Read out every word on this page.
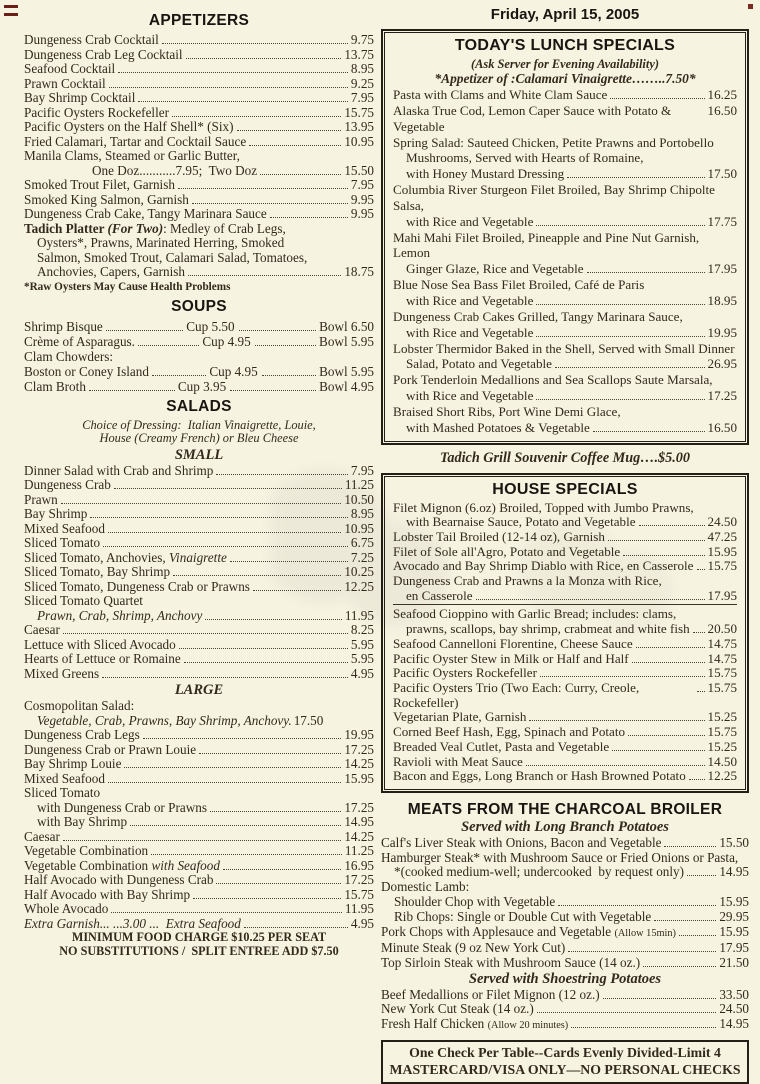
APPETIZERS
Dungeness Crab Cocktail	9.75
Dungeness Crab Leg Cocktail	13.75
Seafood Cocktail	8.95
Prawn Cocktail	9.25
Bay Shrimp Cocktail	7.95
Pacific Oysters Rockefeller	15.75
Pacific Oysters on the Half Shell* (Six)	13.95
Fried Calamari, Tartar and Cocktail Sauce	10.95
Manila Clams, Steamed or Garlic Butter,
One Doz...........7.95;  Two Doz	15.50
Smoked Trout Filet, Garnish	7.95
Smoked King Salmon, Garnish	9.95
Dungeness Crab Cake, Tangy Marinara Sauce	9.95
Tadich Platter (For Two): Medley of Crab Legs,
Oysters*, Prawns, Marinated Herring, Smoked
Salmon, Smoked Trout, Calamari Salad, Tomatoes,
Anchovies, Capers, Garnish	18.75
*Raw Oysters May Cause Health Problems
SOUPS
Shrimp Bisque	Cup 5.50	Bowl 6.50
Crème of Asparagus.	Cup 4.95	Bowl 5.95
Clam Chowders:
Boston or Coney Island	Cup 4.95	Bowl 5.95
Clam Broth	Cup 3.95	Bowl 4.95
SALADS
Choice of Dressing:  Italian Vinaigrette, Louie,
House (Creamy French) or Bleu Cheese
SMALL
Dinner Salad with Crab and Shrimp	7.95
Dungeness Crab	11.25
Prawn	10.50
Bay Shrimp	8.95
Mixed Seafood	10.95
Sliced Tomato	6.75
Sliced Tomato, Anchovies, Vinaigrette	7.25
Sliced Tomato, Bay Shrimp	10.25
Sliced Tomato, Dungeness Crab or Prawns	12.25
Sliced Tomato Quartet
Prawn, Crab, Shrimp, Anchovy	11.95
Caesar	8.25
Lettuce with Sliced Avocado	5.95
Hearts of Lettuce or Romaine	5.95
Mixed Greens	4.95
LARGE
Cosmopolitan Salad:
Vegetable, Crab, Prawns, Bay Shrimp, Anchovy. 17.50
Dungeness Crab Legs	19.95
Dungeness Crab or Prawn Louie	17.25
Bay Shrimp Louie	14.25
Mixed Seafood	15.95
Sliced Tomato
with Dungeness Crab or Prawns	17.25
with Bay Shrimp	14.95
Caesar	14.25
Vegetable Combination	11.25
Vegetable Combination with Seafood	16.95
Half Avocado with Dungeness Crab	17.25
Half Avocado with Bay Shrimp	15.75
Whole Avocado	11.95
Extra Garnish... ...3.00 ...  Extra Seafood	4.95
MINIMUM FOOD CHARGE $10.25 PER SEAT
NO SUBSTITUTIONS /  SPLIT ENTREE ADD $7.50
Friday, April 15, 2005
TODAY'S LUNCH SPECIALS
(Ask Server for Evening Availability)
*Appetizer of :Calamari Vinaigrette……..7.50*
Pasta with Clams and White Clam Sauce	16.25
Alaska True Cod, Lemon Caper Sauce with Potato & Vegetable
16.50
Spring Salad: Sauteed Chicken, Petite Prawns and Portobello
Mushrooms, Served with Hearts of Romaine,
with Honey Mustard Dressing	17.50
Columbia River Sturgeon Filet Broiled, Bay Shrimp Chipolte Salsa,
with Rice and Vegetable	17.75
Mahi Mahi Filet Broiled, Pineapple and Pine Nut Garnish, Lemon
Ginger Glaze, Rice and Vegetable	17.95
Blue Nose Sea Bass Filet Broiled, Café de Paris
with Rice and Vegetable	18.95
Dungeness Crab Cakes Grilled, Tangy Marinara Sauce,
with Rice and Vegetable	19.95
Lobster Thermidor Baked in the Shell, Served with Small Dinner
Salad, Potato and Vegetable	26.95
Pork Tenderloin Medallions and Sea Scallops Saute Marsala,
with Rice and Vegetable	17.25
Braised Short Ribs, Port Wine Demi Glace,
with Mashed Potatoes & Vegetable	16.50
Tadich Grill Souvenir Coffee Mug….$5.00
HOUSE SPECIALS
Filet Mignon (6.oz) Broiled, Topped with Jumbo Prawns,
with Bearnaise Sauce, Potato and Vegetable	24.50
Lobster Tail Broiled (12-14 oz), Garnish	47.25
Filet of Sole all'Agro, Potato and Vegetable	15.95
Avocado and Bay Shrimp Diablo with Rice, en Casserole 15.75
Dungeness Crab and Prawns a la Monza with Rice,
en Casserole	17.95
Seafood Cioppino with Garlic Bread; includes: clams,
prawns, scallops, bay shrimp, crabmeat and white fish 20.50
Seafood Cannelloni Florentine, Cheese Sauce	14.75
Pacific Oyster Stew in Milk or Half and Half	14.75
Pacific Oysters Rockefeller	15.75
Pacific Oysters Trio (Two Each: Curry, Creole, Rockefeller)
15.75
Vegetarian Plate, Garnish	15.25
Corned Beef Hash, Egg, Spinach and Potato	15.75
Breaded Veal Cutlet, Pasta and Vegetable	15.25
Ravioli with Meat Sauce	14.50
Bacon and Eggs, Long Branch or Hash Browned Potato 12.25
MEATS FROM THE CHARCOAL BROILER
Served with Long Branch Potatoes
Calf's Liver Steak with Onions, Bacon and Vegetable	15.50
Hamburger Steak* with Mushroom Sauce or Fried Onions or Pasta,
*(cooked medium-well; undercooked  by request only)	14.95
Domestic Lamb:
Shoulder Chop with Vegetable	15.95
Rib Chops: Single or Double Cut with Vegetable	29.95
Pork Chops with Applesauce and Vegetable (Allow 15min)	15.95
Minute Steak (9 oz New York Cut)	17.95
Top Sirloin Steak with Mushroom Sauce (14 oz.)	21.50
Served with Shoestring Potatoes
Beef Medallions or Filet Mignon (12 oz.)	33.50
New York Cut Steak (14 oz.)	24.50
Fresh Half Chicken (Allow 20 minutes)	14.95
One Check Per Table--Cards Evenly Divided-Limit 4
MASTERCARD/VISA ONLY—NO PERSONAL CHECKS
